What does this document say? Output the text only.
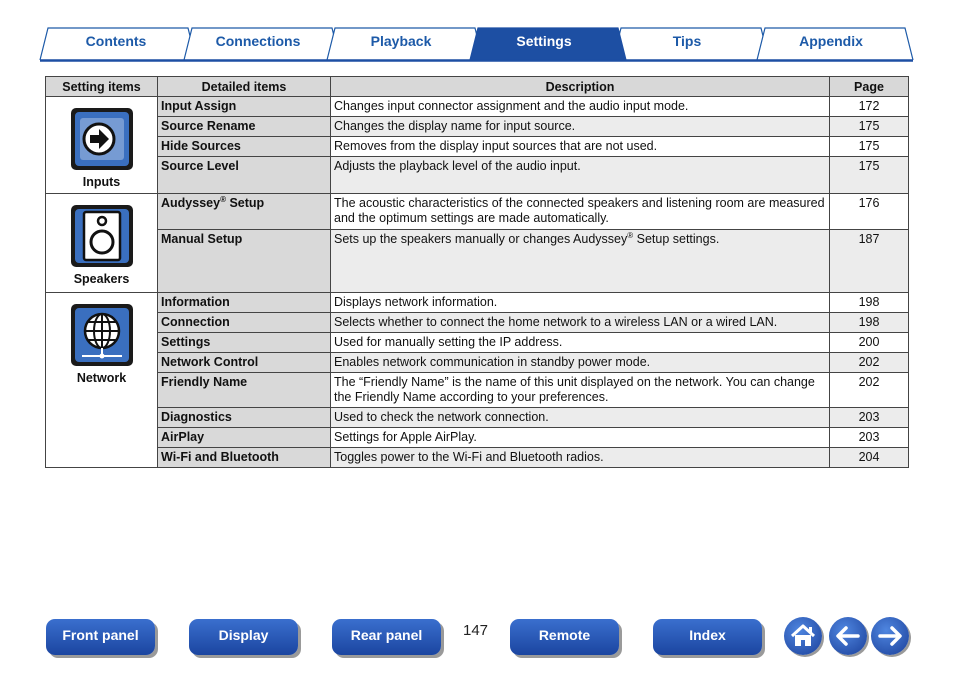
Contents	Connections	Playback	Settings	Tips	Appendix
Setting items	Detailed items	Description	Page

Inputs	Input Assign	Changes input connector assignment and the audio input mode.	172
	Source Rename	Changes the display name for input source.	175
	Hide Sources	Removes from the display input sources that are not used.	175
	Source Level	Adjusts the playback level of the audio input.	175

Speakers	Audyssey® Setup	The acoustic characteristics of the connected speakers and listening room are measured and the optimum settings are made automatically.	176
	Manual Setup	Sets up the speakers manually or changes Audyssey® Setup settings.	187

Network	Information	Displays network information.	198
	Connection	Selects whether to connect the home network to a wireless LAN or a wired LAN.	198
	Settings	Used for manually setting the IP address.	200
	Network Control	Enables network communication in standby power mode.	202
	Friendly Name	The “Friendly Name” is the name of this unit displayed on the network. You can change the Friendly Name according to your preferences.	202
	Diagnostics	Used to check the network connection.	203
	AirPlay	Settings for Apple AirPlay.	203
	Wi-Fi and Bluetooth	Toggles power to the Wi-Fi and Bluetooth radios.	204
Front panel	Display	Rear panel	147	Remote	Index
